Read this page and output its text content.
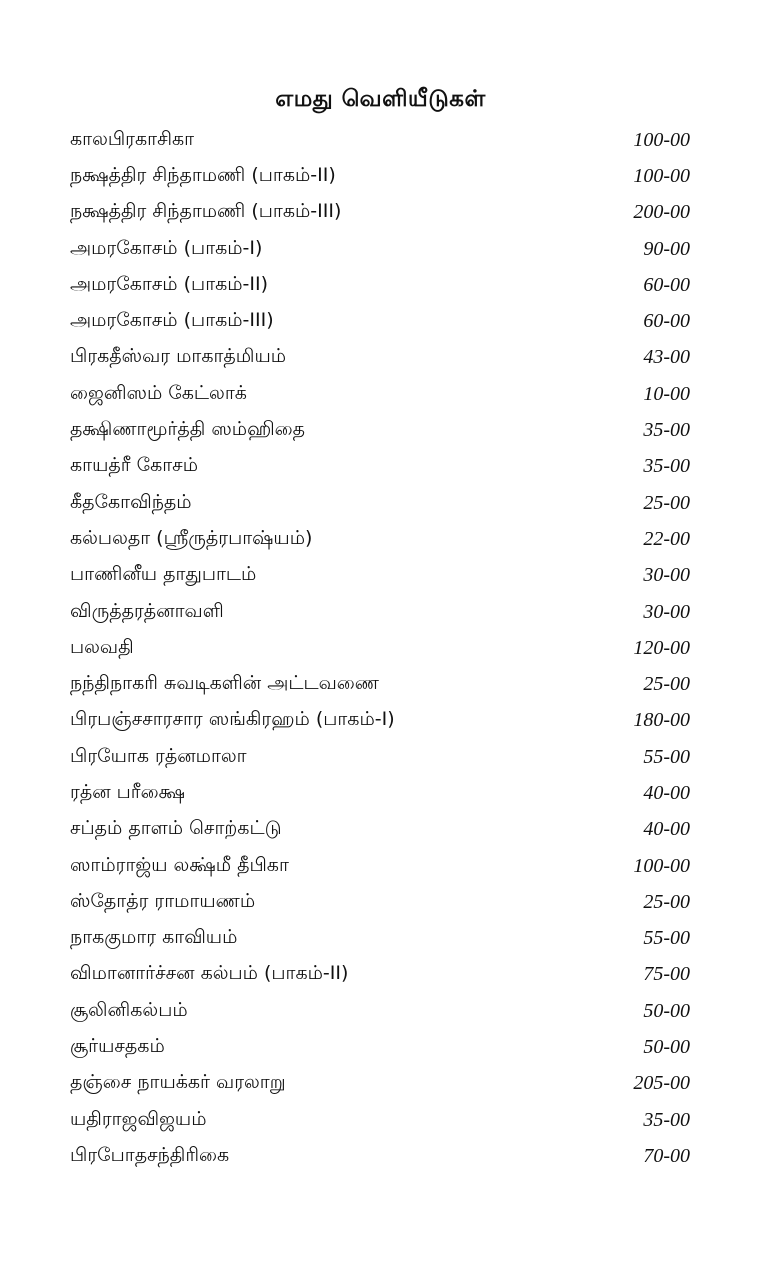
எமது வெளியீடுகள்
காலபிரகாசிகா	100-00
நக்ஷத்திர சிந்தாமணி (பாகம்-II)	100-00
நக்ஷத்திர சிந்தாமணி (பாகம்-III)	200-00
அமரகோசம் (பாகம்-I)	90-00
அமரகோசம் (பாகம்-II)	60-00
அமரகோசம் (பாகம்-III)	60-00
பிரகதீஸ்வர மாகாத்மியம்	43-00
ஜைனிஸம் கேட்லாக்	10-00
தக்ஷிணாமூர்த்தி ஸம்ஹிதை	35-00
காயத்ரீ கோசம்	35-00
கீதகோவிந்தம்	25-00
கல்பலதா (ஸ்ரீருத்ரபாஷ்யம்)	22-00
பாணினீய தாதுபாடம்	30-00
விருத்தரத்னாவளி	30-00
பலவதி	120-00
நந்திநாகரி சுவடிகளின் அட்டவணை	25-00
பிரபஞ்சசாரசார ஸங்கிரஹம் (பாகம்-I)	180-00
பிரயோக ரத்னமாலா	55-00
ரத்ன பரீக்ஷை	40-00
சப்தம் தாளம் சொற்கட்டு	40-00
ஸாம்ராஜ்ய லக்ஷ்மீ தீபிகா	100-00
ஸ்தோத்ர ராமாயணம்	25-00
நாககுமார காவியம்	55-00
விமானார்ச்சன கல்பம் (பாகம்-II)	75-00
சூலினிகல்பம்	50-00
சூர்யசதகம்	50-00
தஞ்சை நாயக்கர் வரலாறு	205-00
யதிராஜவிஜயம்	35-00
பிரபோதசந்திரிகை	70-00
